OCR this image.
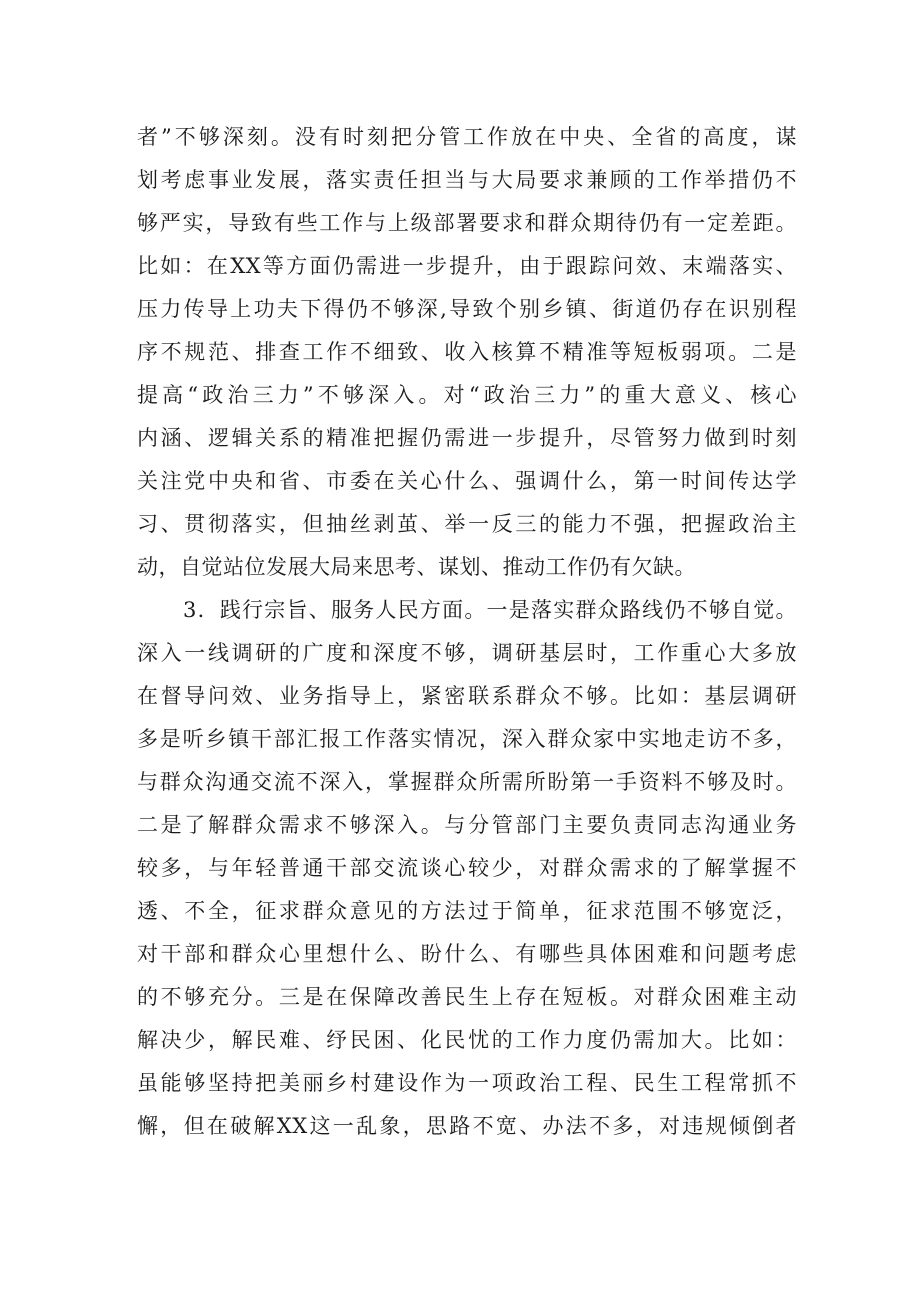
者”不够深刻。没有时刻把分管工作放在中央、全省的高度，谋
划考虑事业发展，落实责任担当与大局要求兼顾的工作举措仍不
够严实，导致有些工作与上级部署要求和群众期待仍有一定差距。
比如：在XX等方面仍需进一步提升，由于跟踪问效、末端落实、
压力传导上功夫下得仍不够深,导致个别乡镇、街道仍存在识别程
序不规范、排查工作不细致、收入核算不精准等短板弱项。二是
提高“政治三力”不够深入。对“政治三力”的重大意义、核心
内涵、逻辑关系的精准把握仍需进一步提升，尽管努力做到时刻
关注党中央和省、市委在关心什么、强调什么，第一时间传达学
习、贯彻落实，但抽丝剥茧、举一反三的能力不强，把握政治主
动，自觉站位发展大局来思考、谋划、推动工作仍有欠缺。
3．践行宗旨、服务人民方面。一是落实群众路线仍不够自觉。
深入一线调研的广度和深度不够，调研基层时，工作重心大多放
在督导问效、业务指导上，紧密联系群众不够。比如：基层调研
多是听乡镇干部汇报工作落实情况，深入群众家中实地走访不多，
与群众沟通交流不深入，掌握群众所需所盼第一手资料不够及时。
二是了解群众需求不够深入。与分管部门主要负责同志沟通业务
较多，与年轻普通干部交流谈心较少，对群众需求的了解掌握不
透、不全，征求群众意见的方法过于简单，征求范围不够宽泛，
对干部和群众心里想什么、盼什么、有哪些具体困难和问题考虑
的不够充分。三是在保障改善民生上存在短板。对群众困难主动
解决少，解民难、纾民困、化民忧的工作力度仍需加大。比如：
虽能够坚持把美丽乡村建设作为一项政治工程、民生工程常抓不
懈，但在破解XX这一乱象，思路不宽、办法不多，对违规倾倒者
